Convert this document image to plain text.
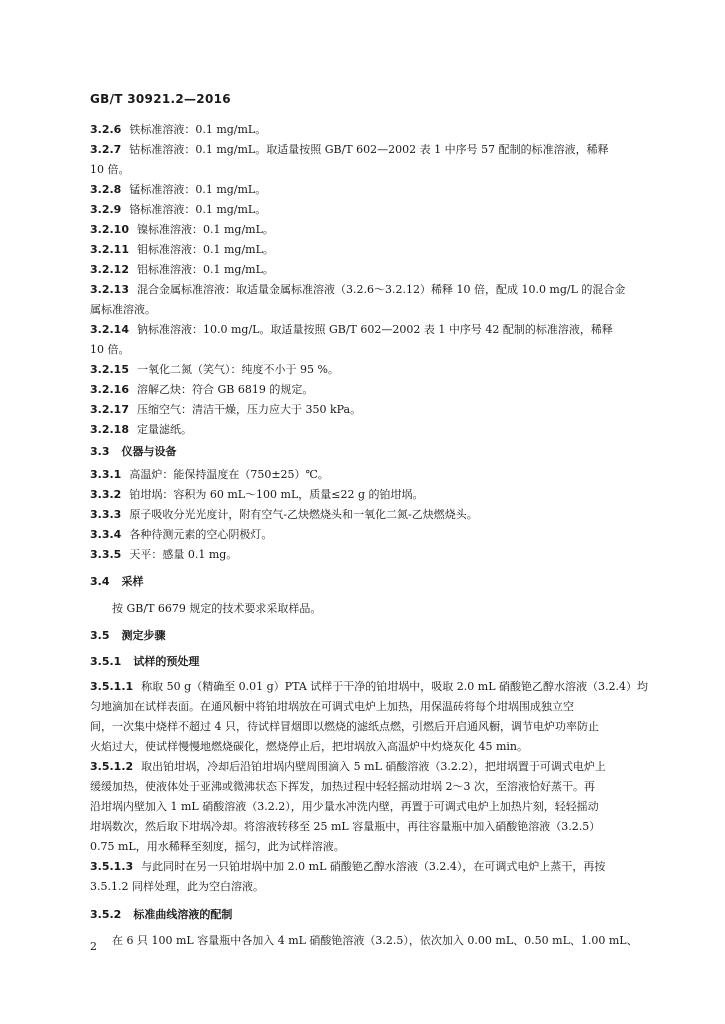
GB/T 30921.2—2016
3.2.6 铁标准溶液：0.1 mg/mL。
3.2.7 钴标准溶液：0.1 mg/mL。取适量按照 GB/T 602—2002 表 1 中序号 57 配制的标准溶液，稀释
10 倍。
3.2.8 锰标准溶液：0.1 mg/mL。
3.2.9 铬标准溶液：0.1 mg/mL。
3.2.10 镍标准溶液：0.1 mg/mL。
3.2.11 钼标准溶液：0.1 mg/mL。
3.2.12 铝标准溶液：0.1 mg/mL。
3.2.13 混合金属标准溶液：取适量金属标准溶液（3.2.6～3.2.12）稀释 10 倍，配成 10.0 mg/L 的混合金
属标准溶液。
3.2.14 钠标准溶液：10.0 mg/L。取适量按照 GB/T 602—2002 表 1 中序号 42 配制的标准溶液，稀释
10 倍。
3.2.15 一氧化二氮（笑气）：纯度不小于 95 %。
3.2.16 溶解乙炔：符合 GB 6819 的规定。
3.2.17 压缩空气：清洁干燥，压力应大于 350 kPa。
3.2.18 定量滤纸。
3.3 仪器与设备
3.3.1 高温炉：能保持温度在（750±25）℃。
3.3.2 铂坩埚：容积为 60 mL～100 mL，质量≤22 g 的铂坩埚。
3.3.3 原子吸收分光光度计，附有空气-乙炔燃烧头和一氧化二氮-乙炔燃烧头。
3.3.4 各种待测元素的空心阴极灯。
3.3.5 天平：感量 0.1 mg。
3.4 采样
按 GB/T 6679 规定的技术要求采取样品。
3.5 测定步骤
3.5.1 试样的预处理
3.5.1.1 称取 50 g（精确至 0.01 g）PTA 试样于干净的铂坩埚中，吸取 2.0 mL 硝酸铯乙醇水溶液（3.2.4）均
匀地滴加在试样表面。在通风橱中将铂坩埚放在可调式电炉上加热，用保温砖将每个坩埚围成独立空
间，一次集中烧样不超过 4 只，待试样冒烟即以燃烧的滤纸点燃，引燃后开启通风橱，调节电炉功率防止
火焰过大，使试样慢慢地燃烧碳化，燃烧停止后，把坩埚放入高温炉中灼烧灰化 45 min。
3.5.1.2 取出铂坩埚，冷却后沿铂坩埚内壁周围滴入 5 mL 硝酸溶液（3.2.2），把坩埚置于可调式电炉上
缓缓加热，使液体处于亚沸或微沸状态下挥发，加热过程中轻轻摇动坩埚 2～3 次，至溶液恰好蒸干。再
沿坩埚内壁加入 1 mL 硝酸溶液（3.2.2），用少量水冲洗内壁，再置于可调式电炉上加热片刻，轻轻摇动
坩埚数次，然后取下坩埚冷却。将溶液转移至 25 mL 容量瓶中，再往容量瓶中加入硝酸铯溶液（3.2.5）
0.75 mL，用水稀释至刻度，摇匀，此为试样溶液。
3.5.1.3 与此同时在另一只铂坩埚中加 2.0 mL 硝酸铯乙醇水溶液（3.2.4），在可调式电炉上蒸干，再按
3.5.1.2 同样处理，此为空白溶液。
3.5.2 标准曲线溶液的配制
在 6 只 100 mL 容量瓶中各加入 4 mL 硝酸铯溶液（3.2.5），依次加入 0.00 mL、0.50 mL、1.00 mL、
2
